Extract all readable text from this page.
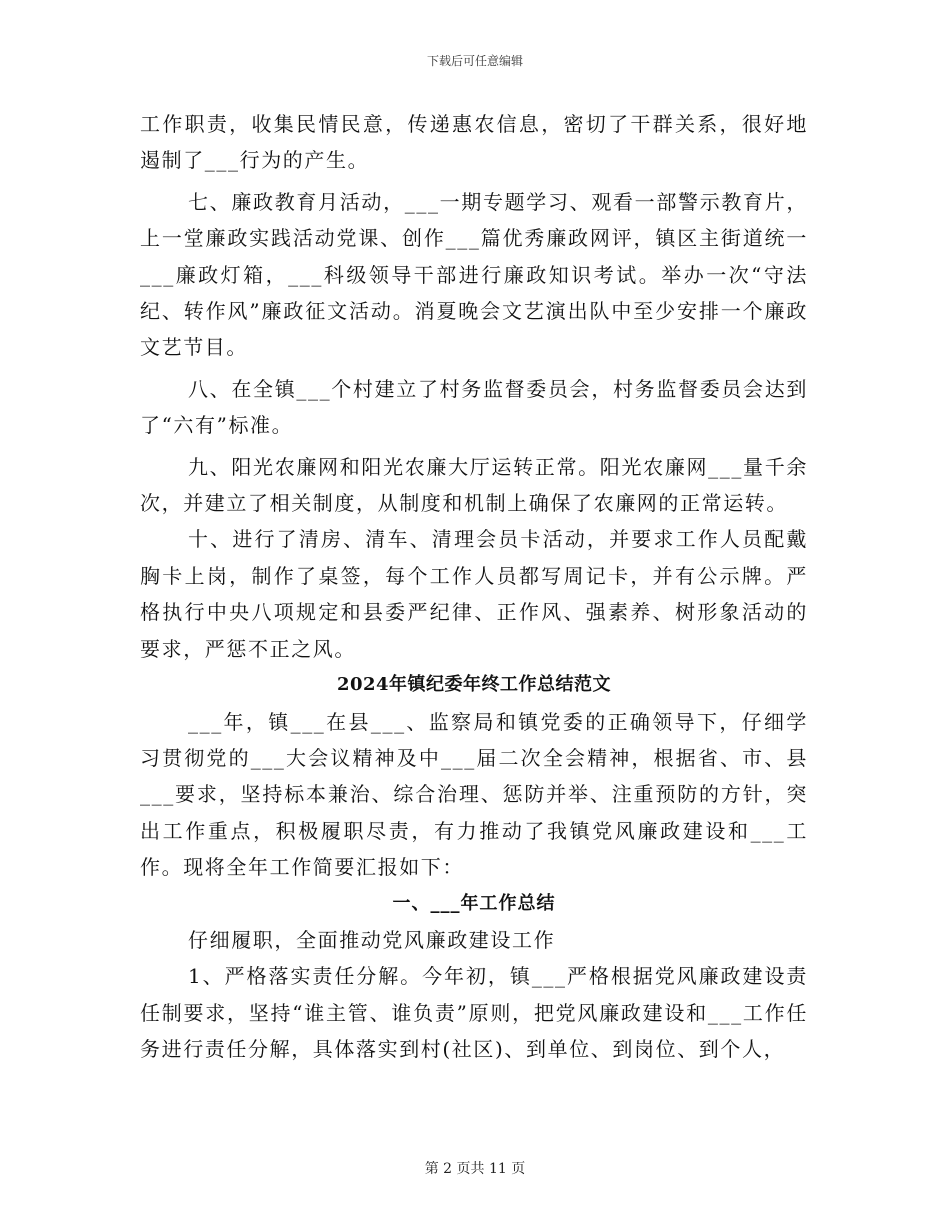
下载后可任意编辑

工作职责，收集民情民意，传递惠农信息，密切了干群关系，很好地遏制了___行为的产生。

七、廉政教育月活动，___一期专题学习、观看一部警示教育片，上一堂廉政实践活动党课、创作___篇优秀廉政网评，镇区主街道统一___廉政灯箱，___科级领导干部进行廉政知识考试。举办一次“守法纪、转作风”廉政征文活动。消夏晚会文艺演出队中至少安排一个廉政文艺节目。

八、在全镇___个村建立了村务监督委员会，村务监督委员会达到了“六有”标准。

九、阳光农廉网和阳光农廉大厅运转正常。阳光农廉网___量千余次，并建立了相关制度，从制度和机制上确保了农廉网的正常运转。

十、进行了清房、清车、清理会员卡活动，并要求工作人员配戴胸卡上岗，制作了桌签，每个工作人员都写周记卡，并有公示牌。严格执行中央八项规定和县委严纪律、正作风、强素养、树形象活动的要求，严惩不正之风。

2024年镇纪委年终工作总结范文

___年，镇___在县___、监察局和镇党委的正确领导下，仔细学习贯彻党的___大会议精神及中___届二次全会精神，根据省、市、县___要求，坚持标本兼治、综合治理、惩防并举、注重预防的方针，突出工作重点，积极履职尽责，有力推动了我镇党风廉政建设和___工作。现将全年工作简要汇报如下：

一、___年工作总结

仔细履职，全面推动党风廉政建设工作

1、严格落实责任分解。今年初，镇___严格根据党风廉政建设责任制要求，坚持“谁主管、谁负责”原则，把党风廉政建设和___工作任务进行责任分解，具体落实到村(社区)、到单位、到岗位、到个人，

第 2 页共 11 页
